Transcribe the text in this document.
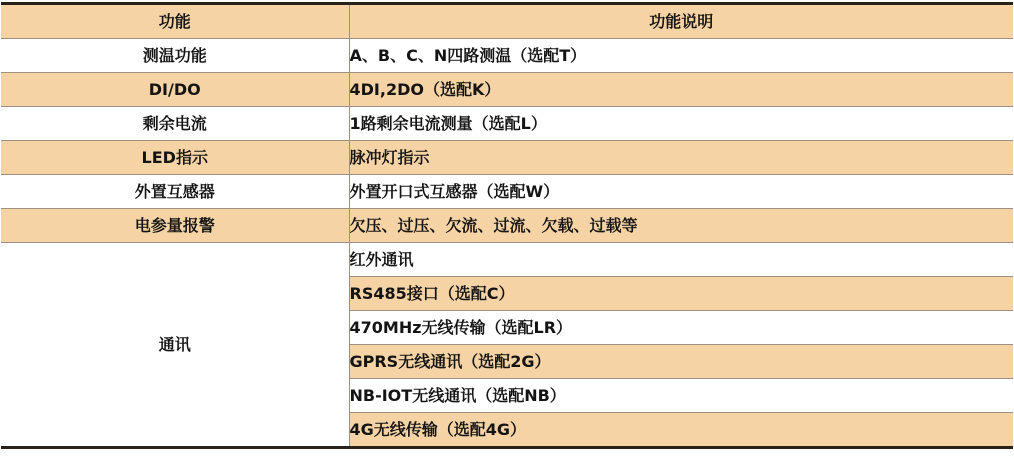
功能	功能说明
测温功能	A、B、C、N四路测温（选配T）
DI/DO	4DI,2DO（选配K）
剩余电流	1路剩余电流测量（选配L）
LED指示	脉冲灯指示
外置互感器	外置开口式互感器（选配W）
电参量报警	欠压、过压、欠流、过流、欠载、过载等
通讯	红外通讯
	RS485接口（选配C）
	470MHz无线传输（选配LR）
	GPRS无线通讯（选配2G）
	NB-IOT无线通讯（选配NB）
	4G无线传输（选配4G）
